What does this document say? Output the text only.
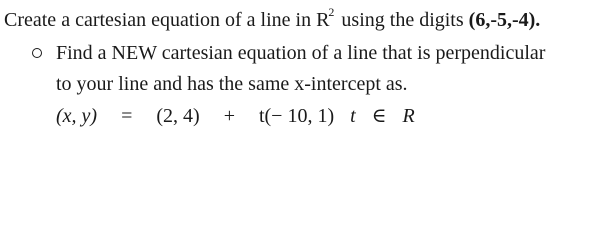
Create a cartesian equation of a line in R $^2$ using the digits (6,-5,-4).
Find a NEW cartesian equation of a line that is perpendicular
to your line and has the same x-intercept as.
(x, y) = (2, 4) + t(− 10, 1) t ∈ R
